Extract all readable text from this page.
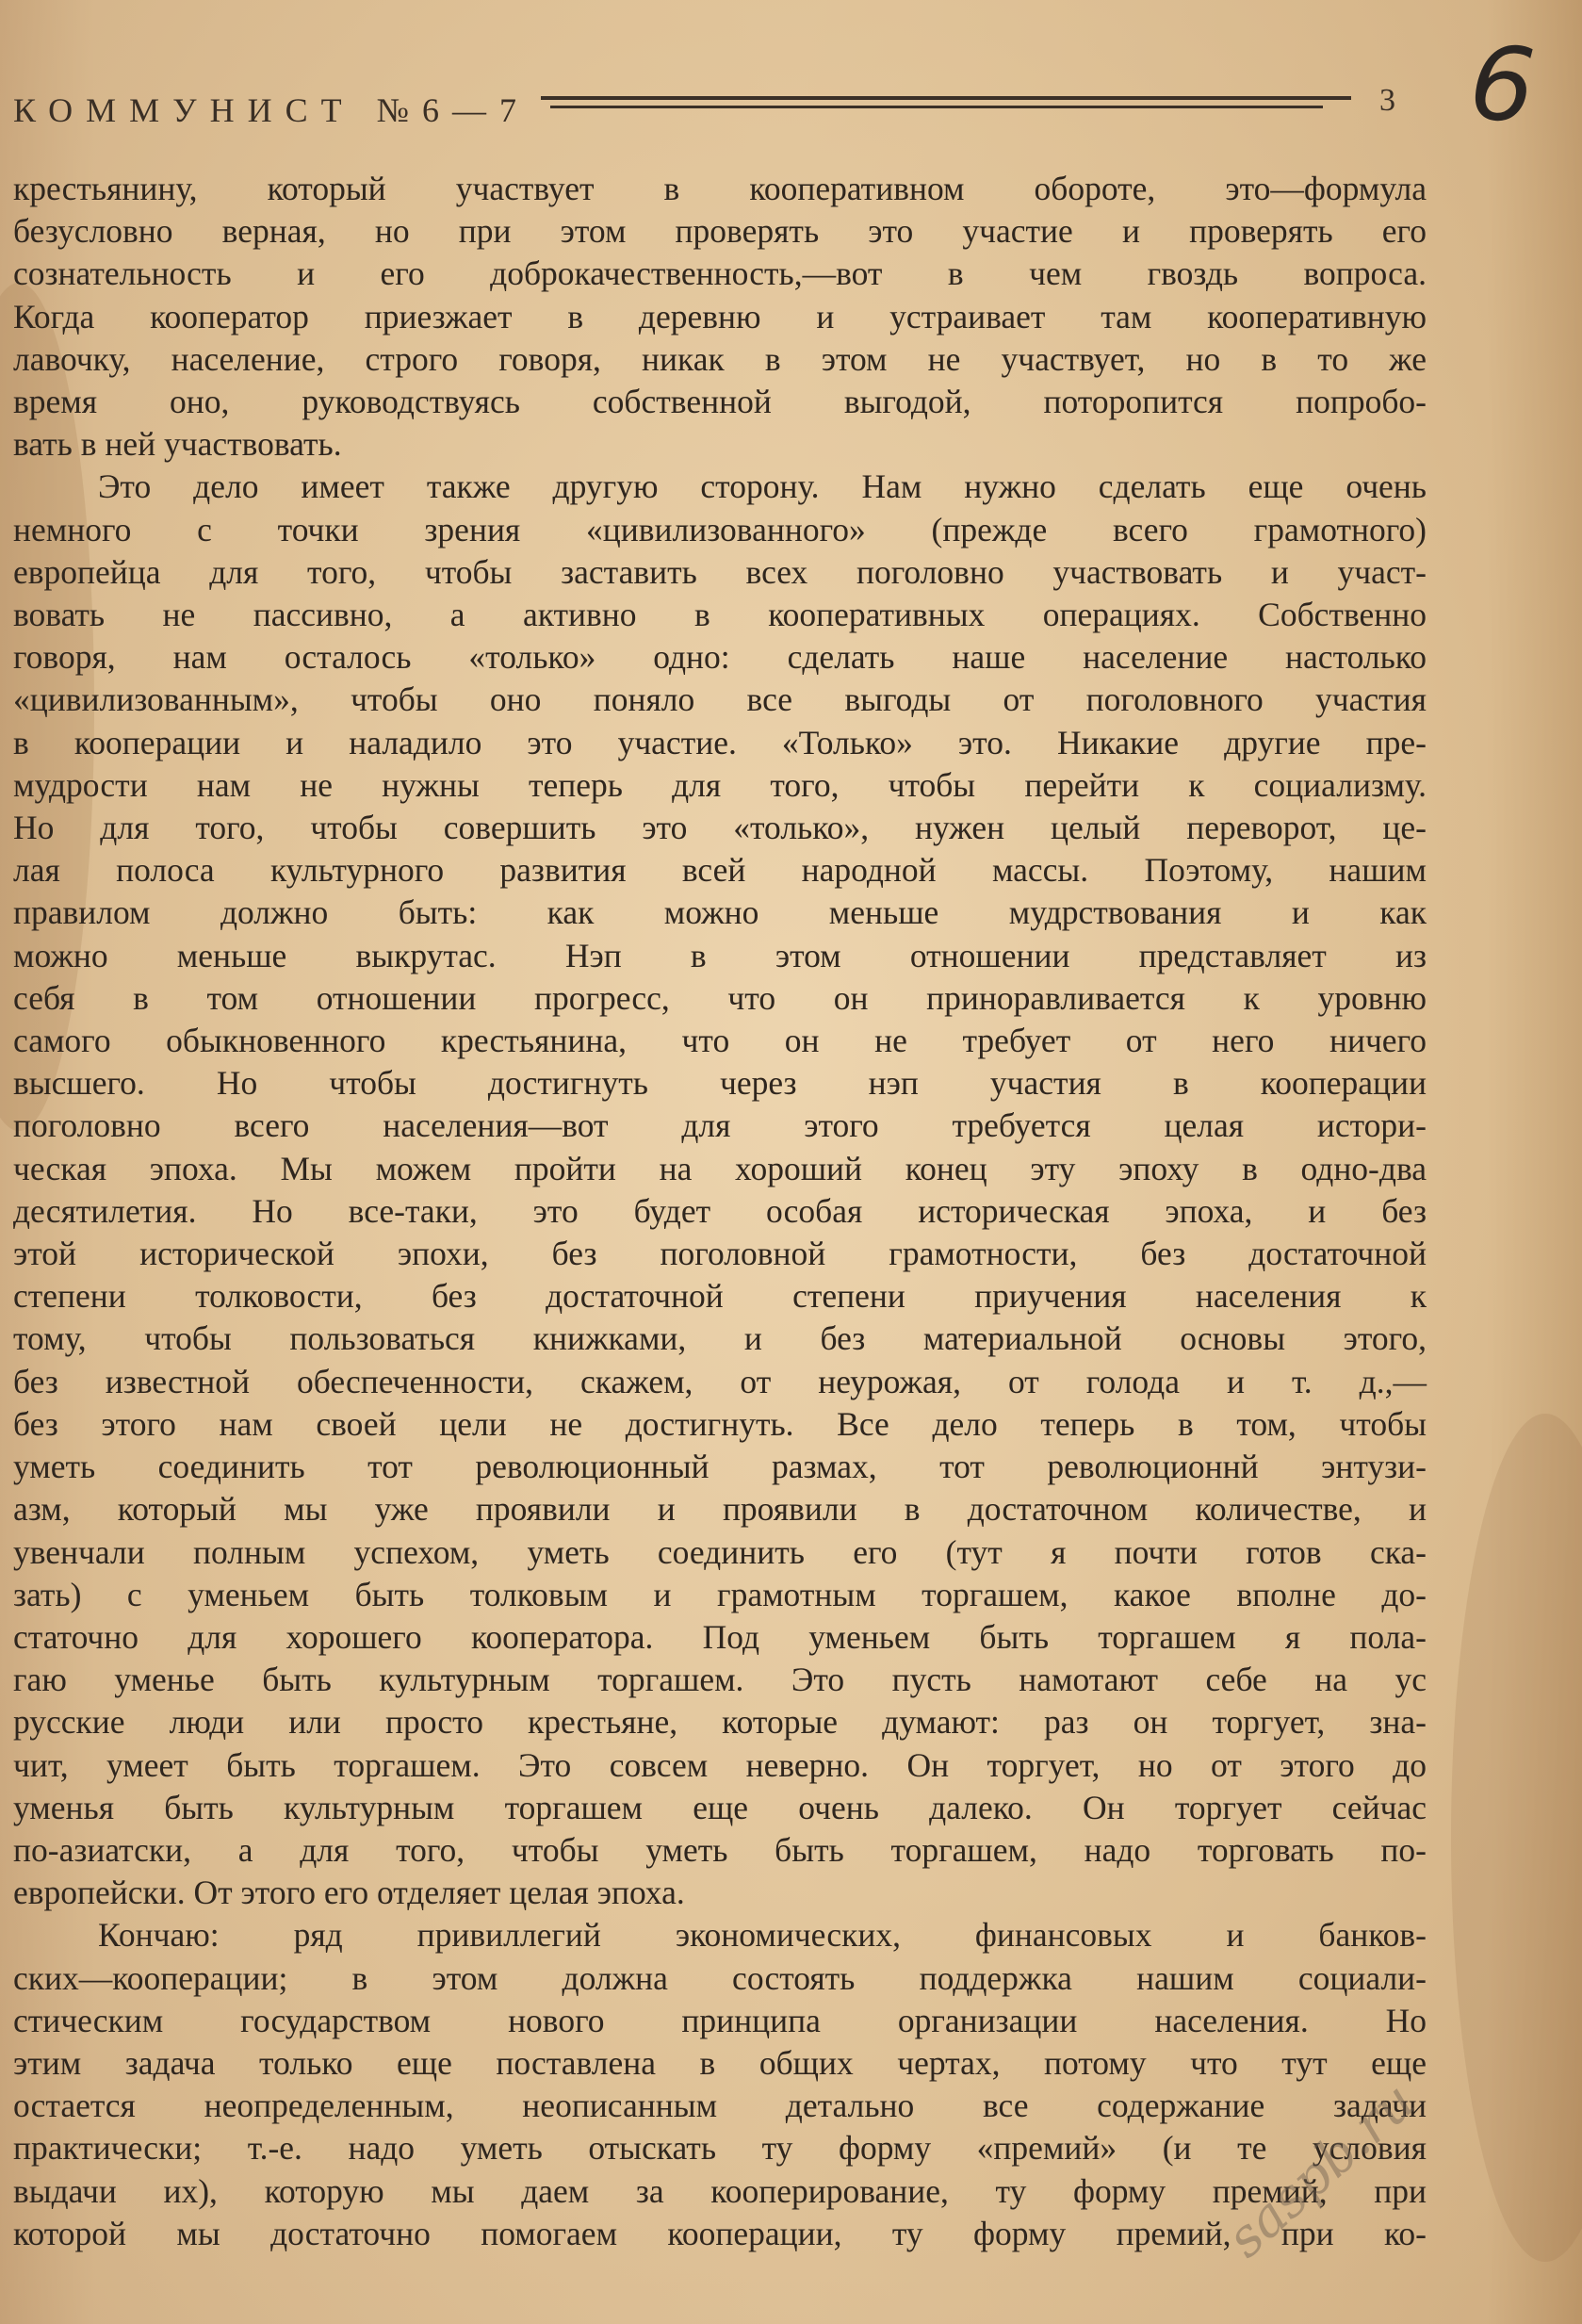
КОММУНИСТ №6—7	3 6

крестьянину, который участвует в кооперативном обороте, это—формула

безусловно верная, но при этом проверять это участие и проверять его

сознательность и его доброкачественность,—вот в чем гвоздь вопроса.

Когда кооператор приезжает в деревню и устраивает там кооперативную

лавочку, население, строго говоря, никак в этом не участвует, но в то же

время оно, руководствуясь собственной выгодой, поторопится попробо-

вать в ней участвовать.

Это дело имеет также другую сторону. Нам нужно сделать еще очень

немного с точки зрения «цивилизованного» (прежде всего грамотного)

европейца для того, чтобы заставить всех поголовно участвовать и участ-

вовать не пассивно, а активно в кооперативных операциях. Собственно

говоря, нам осталось «только» одно: сделать наше население настолько

«цивилизованным», чтобы оно поняло все выгоды от поголовного участия

в кооперации и наладило это участие. «Только» это. Никакие другие пре-

мудрости нам не нужны теперь для того, чтобы перейти к социализму.

Но для того, чтобы совершить это «только», нужен целый переворот, це-

лая полоса культурного развития всей народной массы. Поэтому, нашим

правилом должно быть: как можно меньше мудрствования и как

можно меньше выкрутас. Нэп в этом отношении представляет из

себя в том отношении прогресс, что он приноравливается к уровню

самого обыкновенного крестьянина, что он не требует от него ничего

высшего. Но чтобы достигнуть через нэп участия в кооперации

поголовно всего населения—вот для этого требуется целая истори-

ческая эпоха. Мы можем пройти на хороший конец эту эпоху в одно-два

десятилетия. Но все-таки, это будет особая историческая эпоха, и без

этой исторической эпохи, без поголовной грамотности, без достаточной

степени толковости, без достаточной степени приучения населения к

тому, чтобы пользоваться книжками, и без материальной основы этого,

без известной обеспеченности, скажем, от неурожая, от голода и т. д.,—

без этого нам своей цели не достигнуть. Все дело теперь в том, чтобы

уметь соединить тот революционный размах, тот революционнй энтузи-

азм, который мы уже проявили и проявили в достаточном количестве, и

увенчали полным успехом, уметь соединить его (тут я почти готов ска-

зать) с уменьем быть толковым и грамотным торгашем, какое вполне до-

статочно для хорошего кооператора. Под уменьем быть торгашем я пола-

гаю уменье быть культурным торгашем. Это пусть намотают себе на ус

русские люди или просто крестьяне, которые думают: раз он торгует, зна-

чит, умеет быть торгашем. Это совсем неверно. Он торгует, но от этого до

уменья быть культурным торгашем еще очень далеко. Он торгует сейчас

по-азиатски, а для того, чтобы уметь быть торгашем, надо торговать по-

европейски. От этого его отделяет целая эпоха.

Кончаю: ряд привиллегий экономических, финансовых и банков-

ских—кооперации; в этом должна состоять поддержка нашим социали-

стическим государством нового принципа организации населения. Но

этим задача только еще поставлена в общих чертах, потому что тут еще

остается неопределенным, неописанным детально все содержание задачи

практически; т.-е. надо уметь отыскать ту форму «премий» (и те условия

выдачи их), которую мы даем за кооперирование, ту форму премий, при

которой мы достаточно помогаем кооперации, ту форму премий, при ко-

saspb.ru
